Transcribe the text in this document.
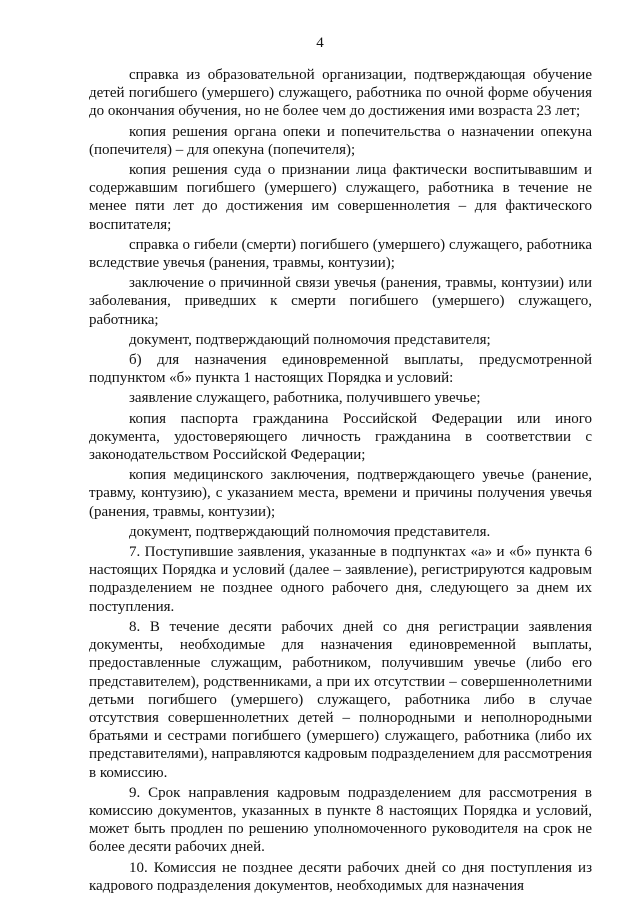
4

справка из образовательной организации, подтверждающая обучение детей погибшего (умершего) служащего, работника по очной форме обучения до окончания обучения, но не более чем до достижения ими возраста 23 лет;

копия решения органа опеки и попечительства о назначении опекуна (попечителя) – для опекуна (попечителя);

копия решения суда о признании лица фактически воспитывавшим и содержавшим погибшего (умершего) служащего, работника в течение не менее пяти лет до достижения им совершеннолетия – для фактического воспитателя;

справка о гибели (смерти) погибшего (умершего) служащего, работника вследствие увечья (ранения, травмы, контузии);

заключение о причинной связи увечья (ранения, травмы, контузии) или заболевания, приведших к смерти погибшего (умершего) служащего, работника;

документ, подтверждающий полномочия представителя;

б) для назначения единовременной выплаты, предусмотренной подпунктом «б» пункта 1 настоящих Порядка и условий:

заявление служащего, работника, получившего увечье;

копия паспорта гражданина Российской Федерации или иного документа, удостоверяющего личность гражданина в соответствии с законодательством Российской Федерации;

копия медицинского заключения, подтверждающего увечье (ранение, травму, контузию), с указанием места, времени и причины получения увечья (ранения, травмы, контузии);

документ, подтверждающий полномочия представителя.

7. Поступившие заявления, указанные в подпунктах «а» и «б» пункта 6 настоящих Порядка и условий (далее – заявление), регистрируются кадровым подразделением не позднее одного рабочего дня, следующего за днем их поступления.

8. В течение десяти рабочих дней со дня регистрации заявления документы, необходимые для назначения единовременной выплаты, предоставленные служащим, работником, получившим увечье (либо его представителем), родственниками, а при их отсутствии – совершеннолетними детьми погибшего (умершего) служащего, работника либо в случае отсутствия совершеннолетних детей – полнородными и неполнородными братьями и сестрами погибшего (умершего) служащего, работника (либо их представителями), направляются кадровым подразделением для рассмотрения в комиссию.

9. Срок направления кадровым подразделением для рассмотрения в комиссию документов, указанных в пункте 8 настоящих Порядка и условий, может быть продлен по решению уполномоченного руководителя на срок не более десяти рабочих дней.

10. Комиссия не позднее десяти рабочих дней со дня поступления из кадрового подразделения документов, необходимых для назначения
